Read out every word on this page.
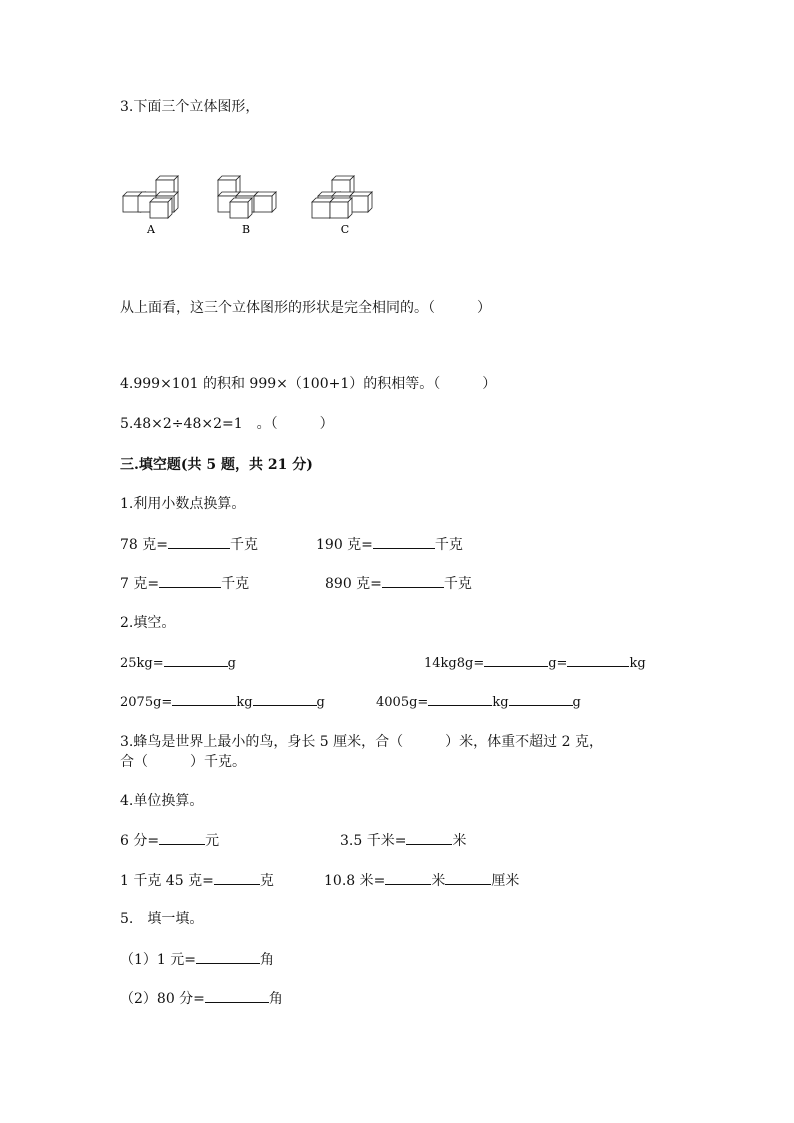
3.下面三个立体图形，
A	B	C
从上面看，这三个立体图形的形状是完全相同的。（　　　）
4.999×101 的积和 999×（100+1）的积相等。（　　　）
5.48×2÷48×2=1　。（　　　）
三.填空题(共 5 题，共 21 分)
1.利用小数点换算。
78 克=	千克	190 克=	千克
7 克=	千克	890 克=	千克
2.填空。
25kg=	g	14kg8g=	g=	kg
2075g=	kg	g	4005g=	kg	g
3.蜂鸟是世界上最小的鸟，身长 5 厘米，合（　　　）米，体重不超过 2 克，
合（　　　）千克。
4.单位换算。
6 分=	元	3.5 千米=	米
1 千克 45 克=	克	10.8 米=	米	厘米
5.　填一填。
（1）1 元=	角
（2）80 分=	角
